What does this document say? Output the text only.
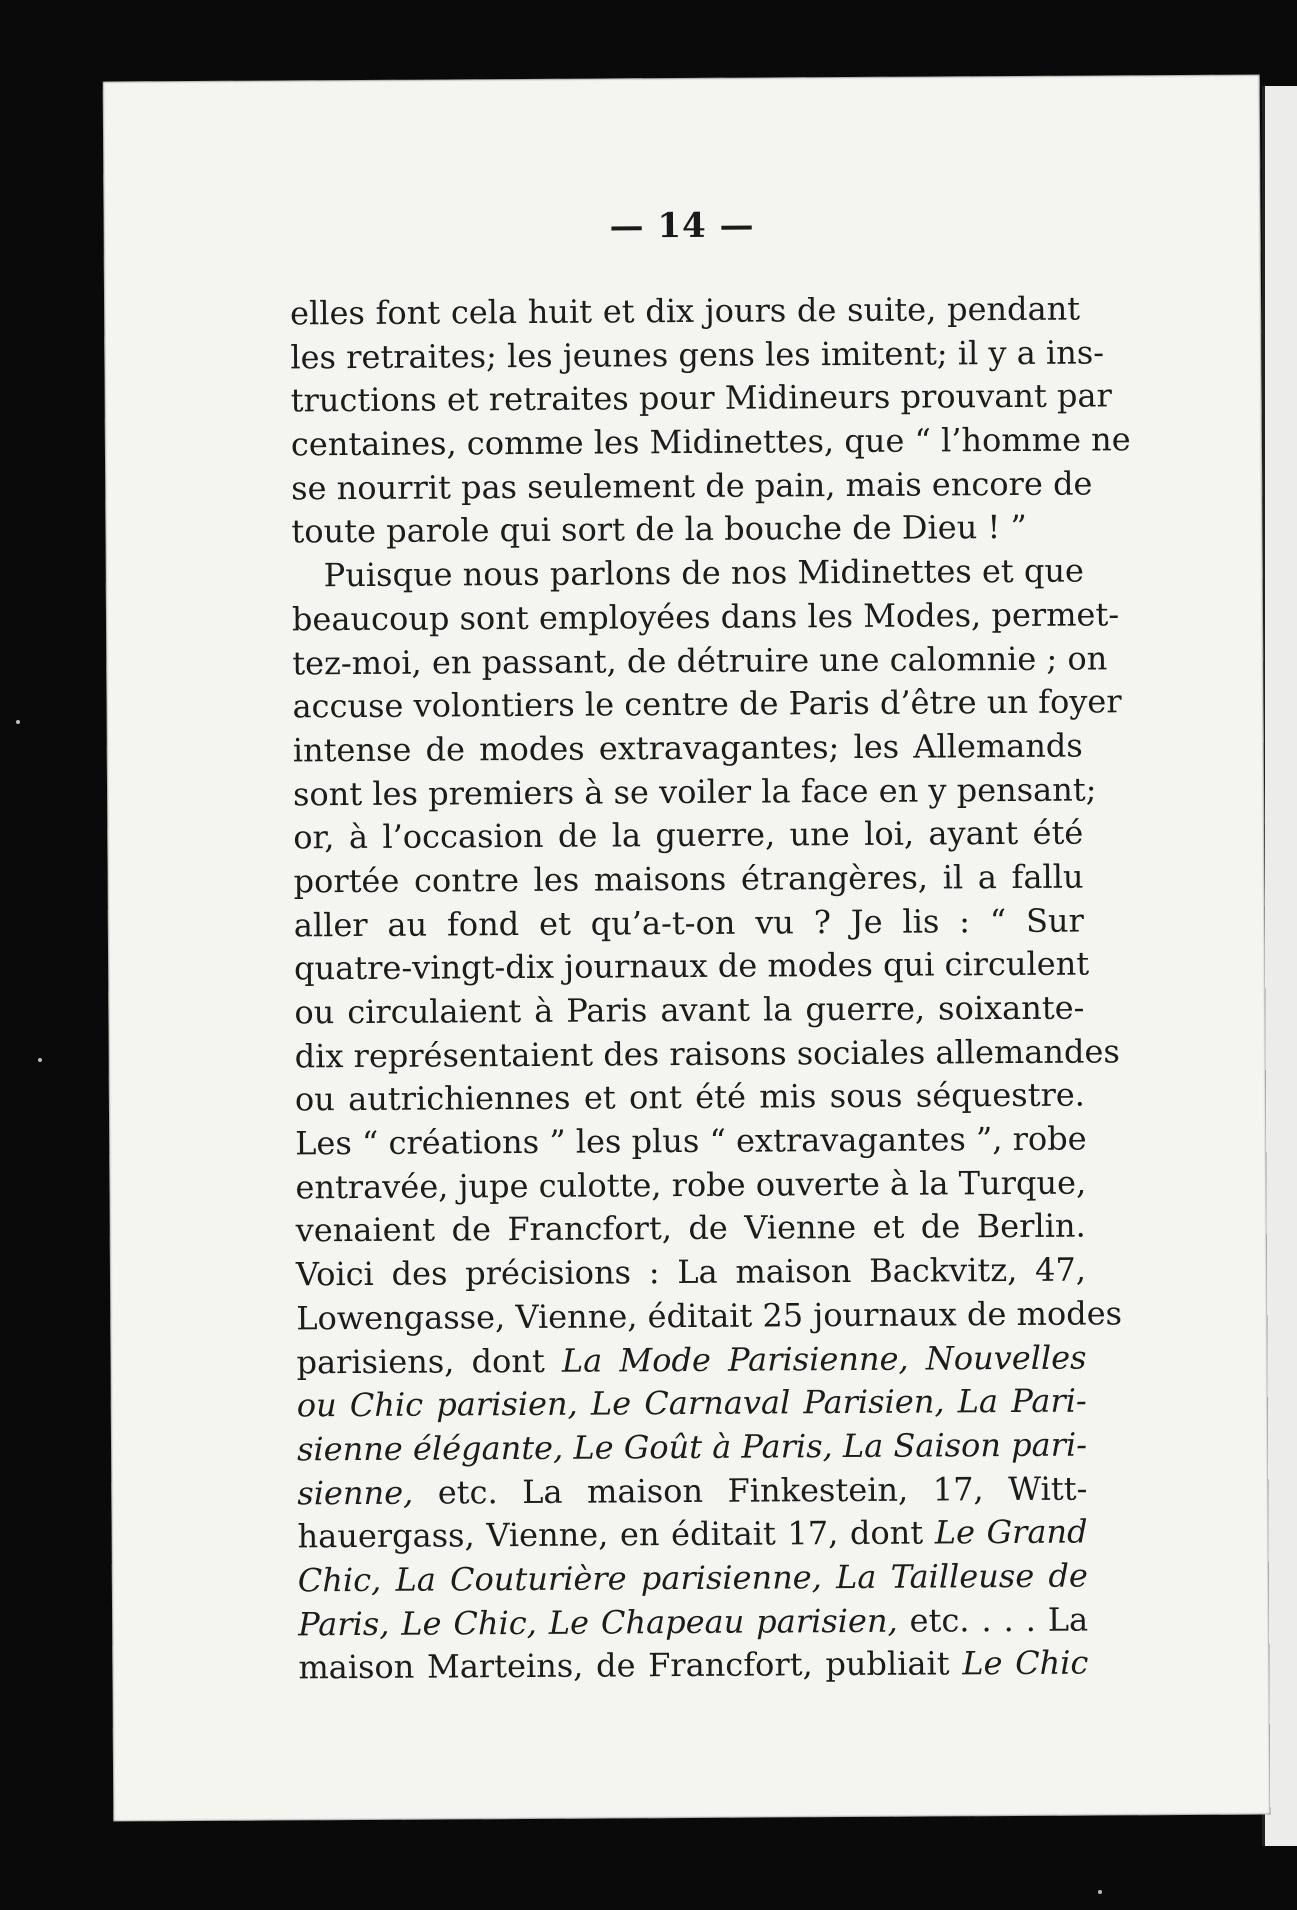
— 14 —
elles font cela huit et dix jours de suite, pendant
les retraites; les jeunes gens les imitent; il y a ins-
tructions et retraites pour Midineurs prouvant par
centaines, comme les Midinettes, que “ l’homme ne
se nourrit pas seulement de pain, mais encore de
toute parole qui sort de la bouche de Dieu ! ”
Puisque nous parlons de nos Midinettes et que
beaucoup sont employées dans les Modes, permet-
tez-moi, en passant, de détruire une calomnie ; on
accuse volontiers le centre de Paris d’être un foyer
intense de modes extravagantes; les Allemands
sont les premiers à se voiler la face en y pensant;
or, à l’occasion de la guerre, une loi, ayant été
portée contre les maisons étrangères, il a fallu
aller au fond et qu’a-t-on vu ? Je lis : “ Sur
quatre-vingt-dix journaux de modes qui circulent
ou circulaient à Paris avant la guerre, soixante-
dix représentaient des raisons sociales allemandes
ou autrichiennes et ont été mis sous séquestre.
Les “ créations ” les plus “ extravagantes ”, robe
entravée, jupe culotte, robe ouverte à la Turque,
venaient de Francfort, de Vienne et de Berlin.
Voici des précisions : La maison Backvitz, 47,
Lowengasse, Vienne, éditait 25 journaux de modes
parisiens, dont La Mode Parisienne, Nouvelles
ou Chic parisien, Le Carnaval Parisien, La Pari-
sienne élégante, Le Goût à Paris, La Saison pari-
sienne, etc. La maison Finkestein, 17, Witt-
hauergass, Vienne, en éditait 17, dont Le Grand
Chic, La Couturière parisienne, La Tailleuse de
Paris, Le Chic, Le Chapeau parisien, etc. . . . La
maison Marteins, de Francfort, publiait Le Chic
